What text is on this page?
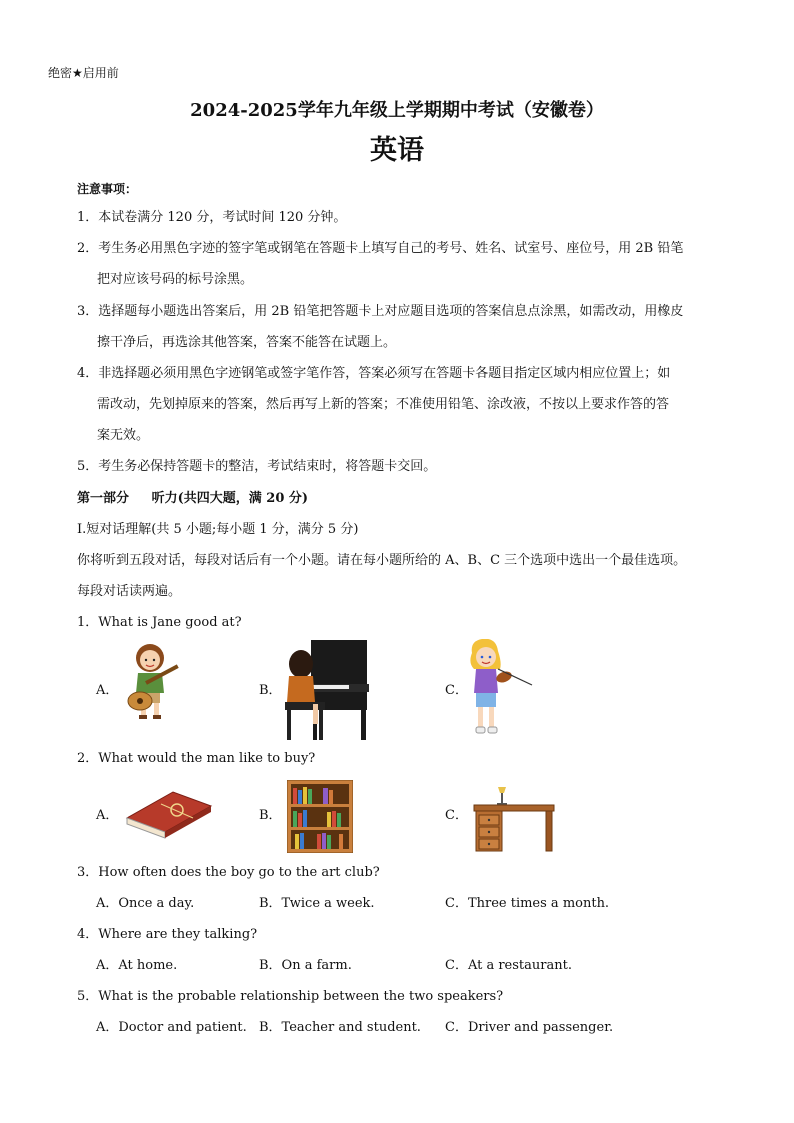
绝密★启用前
2024-2025学年九年级上学期期中考试（安徽卷）
英语
注意事项：
1．本试卷满分 120 分，考试时间 120 分钟。
2．考生务必用黑色字迹的签字笔或钢笔在答题卡上填写自己的考号、姓名、试室号、座位号，用 2B 铅笔
把对应该号码的标号涂黑。
3．选择题每小题选出答案后，用 2B 铅笔把答题卡上对应题目选项的答案信息点涂黑，如需改动，用橡皮
擦干净后，再选涂其他答案，答案不能答在试题上。
4．非选择题必须用黑色字迹钢笔或签字笔作答，答案必须写在答题卡各题目指定区域内相应位置上；如
需改动，先划掉原来的答案，然后再写上新的答案；不准使用铅笔、涂改液，不按以上要求作答的答
案无效。
5．考生务必保持答题卡的整洁，考试结束时，将答题卡交回。
第一部分     听力(共四大题，满 20 分)
Ⅰ.短对话理解(共 5 小题;每小题 1 分，满分 5 分)
你将听到五段对话，每段对话后有一个小题。请在每小题所给的 A、B、C 三个选项中选出一个最佳选项。
每段对话读两遍。
1．What is Jane good at?
A．	B．	C．
2．What would the man like to buy?
A．	B．	C．
3．How often does the boy go to the art club?
A．Once a day.	B．Twice a week.	C．Three times a month.
4．Where are they talking?
A．At home.	B．On a farm.	C．At a restaurant.
5．What is the probable relationship between the two speakers?
A．Doctor and patient. B．Teacher and student. C．Driver and passenger.
